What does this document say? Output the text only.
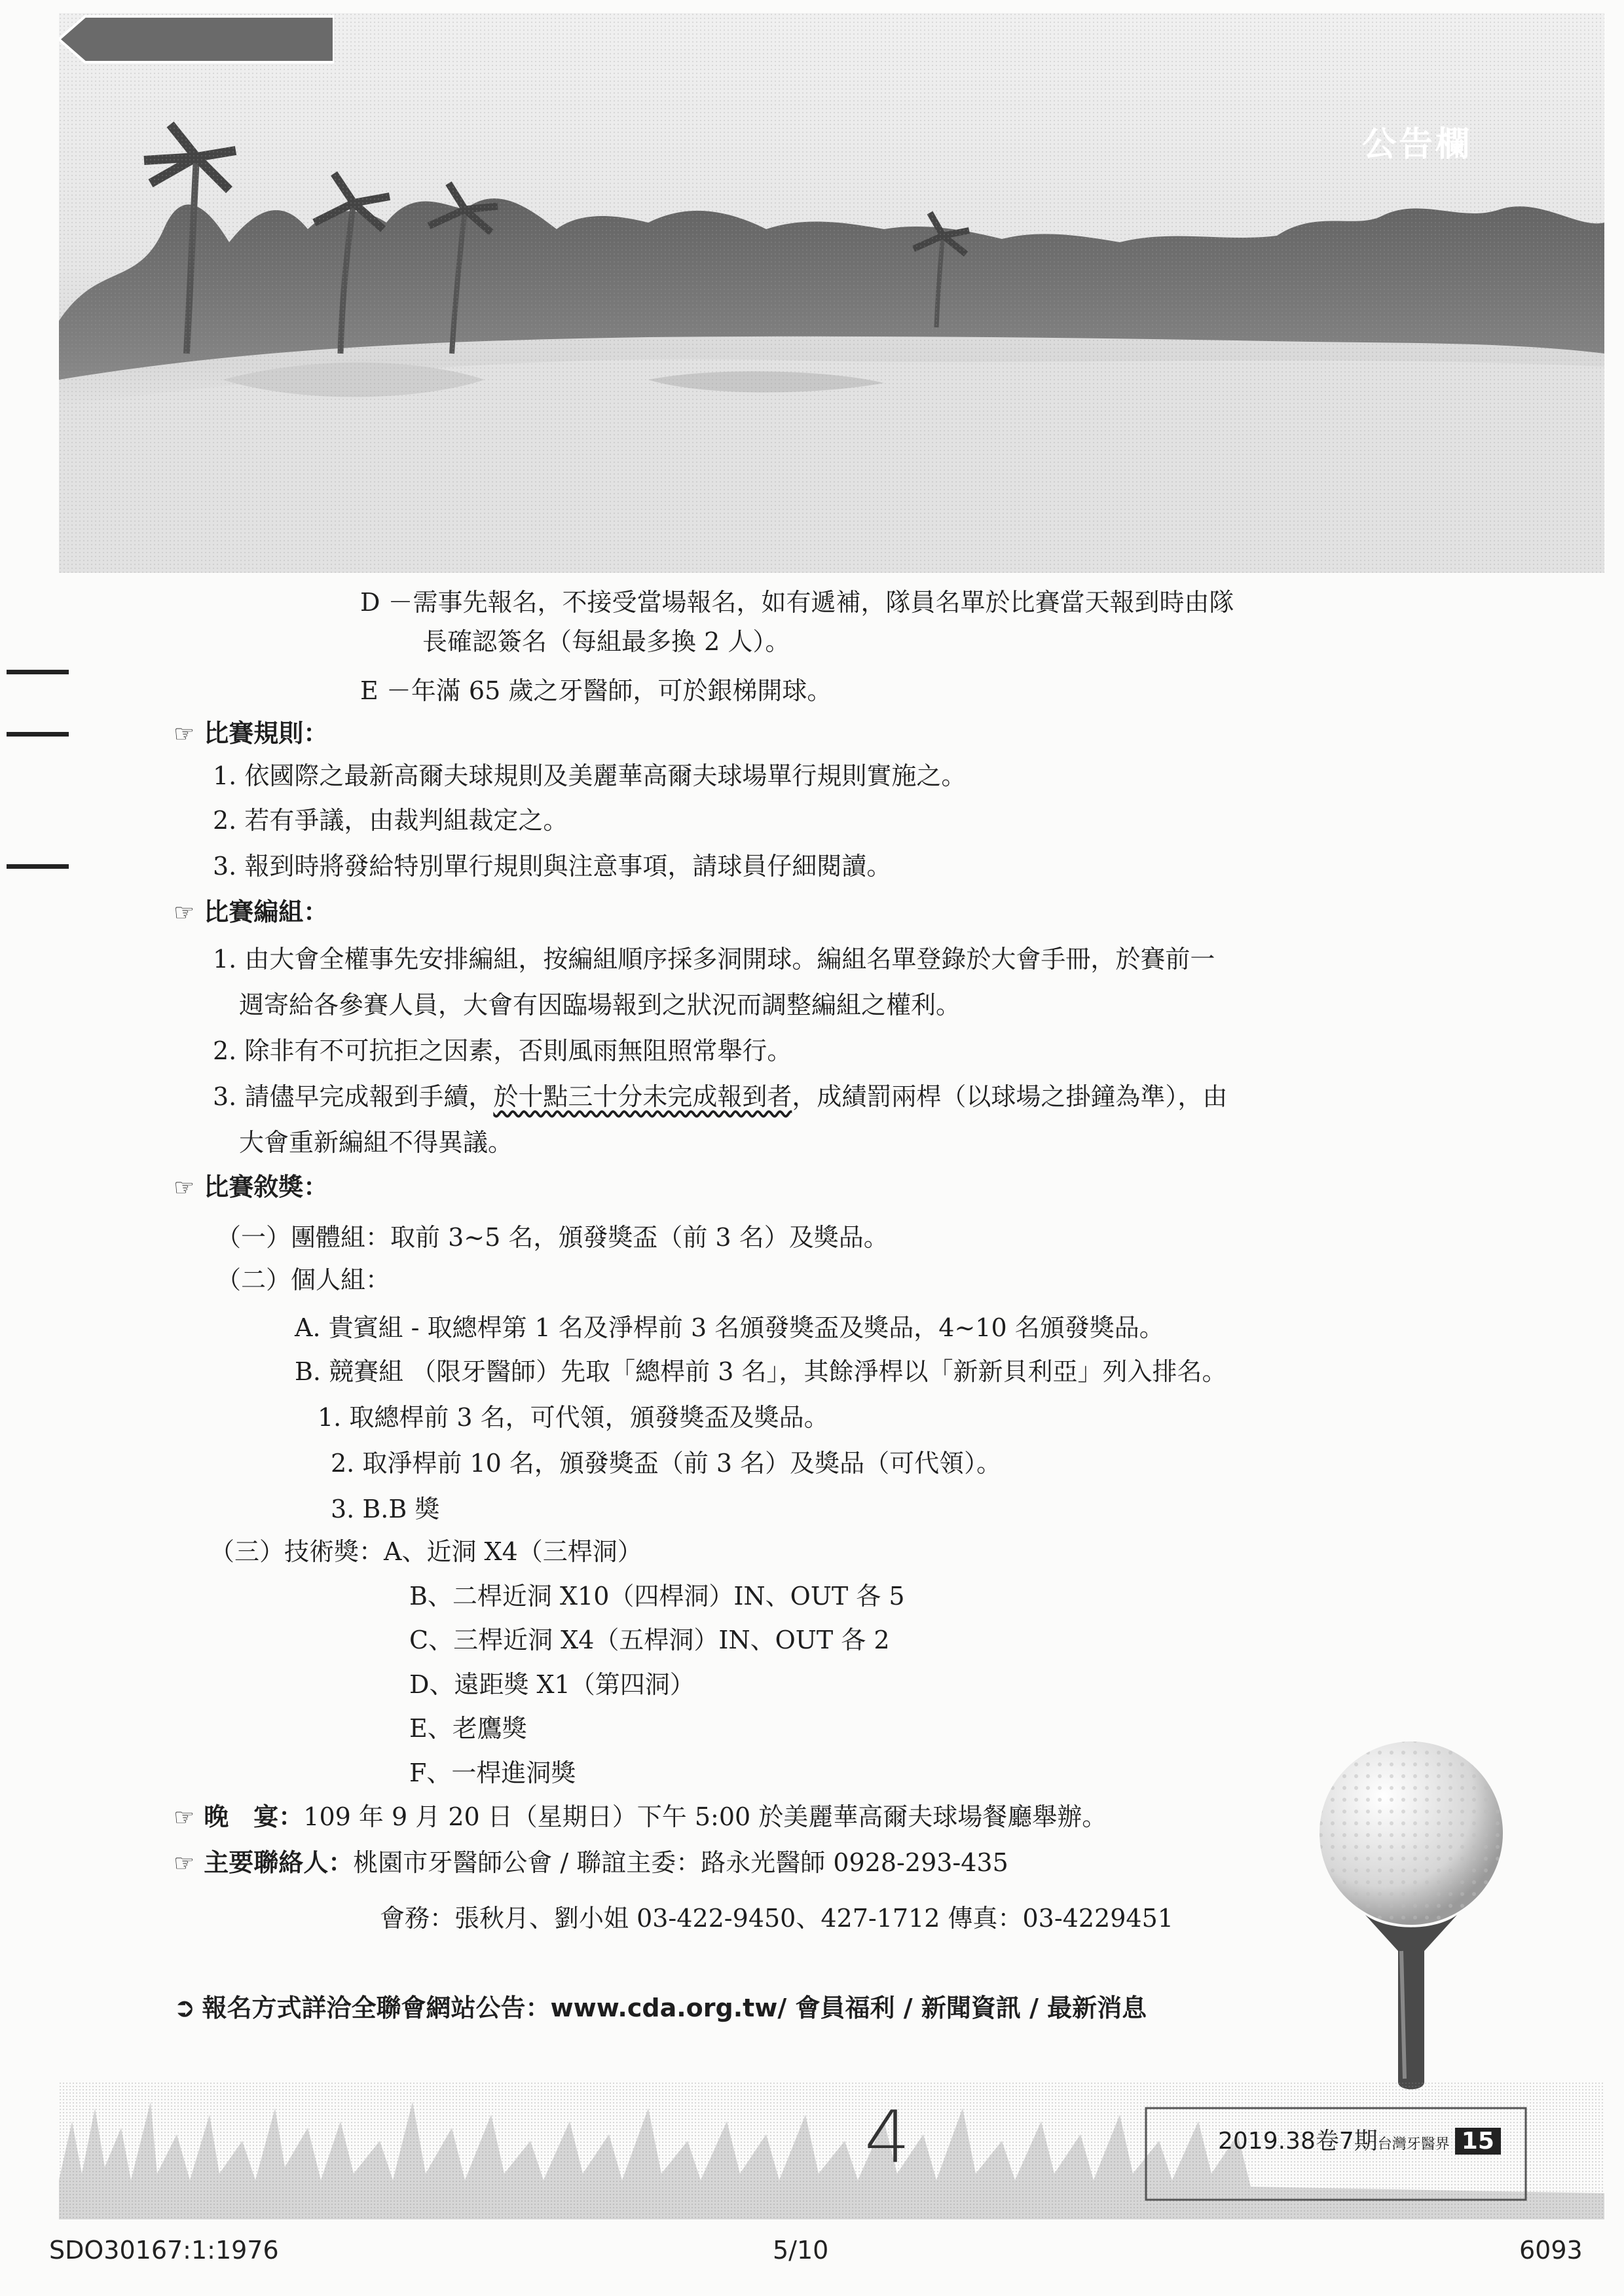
公告欄
D －需事先報名，不接受當場報名，如有遞補，隊員名單於比賽當天報到時由隊
長確認簽名（每組最多換 2 人）。
E －年滿 65 歲之牙醫師，可於銀梯開球。
☞ 比賽規則：
1. 依國際之最新高爾夫球規則及美麗華高爾夫球場單行規則實施之。
2. 若有爭議，由裁判組裁定之。
3. 報到時將發給特別單行規則與注意事項，請球員仔細閱讀。
☞ 比賽編組：
1. 由大會全權事先安排編組，按編組順序採多洞開球。編組名單登錄於大會手冊，於賽前一
週寄給各參賽人員，大會有因臨場報到之狀況而調整編組之權利。
2. 除非有不可抗拒之因素，否則風雨無阻照常舉行。
3. 請儘早完成報到手續，於十點三十分未完成報到者，成績罰兩桿（以球場之掛鐘為準），由
大會重新編組不得異議。
☞ 比賽敘獎：
（一）團體組：取前 3~5 名，頒發獎盃（前 3 名）及獎品。
（二）個人組：
A. 貴賓組 - 取總桿第 1 名及淨桿前 3 名頒發獎盃及獎品，4~10 名頒發獎品。
B. 競賽組 （限牙醫師）先取「總桿前 3 名」，其餘淨桿以「新新貝利亞」列入排名。
1. 取總桿前 3 名，可代領，頒發獎盃及獎品。
2. 取淨桿前 10 名，頒發獎盃（前 3 名）及獎品（可代領）。
3. B.B 獎
（三）技術獎：A、近洞 X4（三桿洞）
B、二桿近洞 X10（四桿洞）IN、OUT 各 5
C、三桿近洞 X4（五桿洞）IN、OUT 各 2
D、遠距獎 X1（第四洞）
E、老鷹獎
F、一桿進洞獎
☞ 晚　宴：109 年 9 月 20 日（星期日）下午 5:00 於美麗華高爾夫球場餐廳舉辦。
☞ 主要聯絡人：桃園市牙醫師公會 / 聯誼主委：路永光醫師 0928-293-435
會務：張秋月、劉小姐 03-422-9450、427-1712 傳真：03-4229451
➲ 報名方式詳洽全聯會網站公告：www.cda.org.tw/ 會員福利 / 新聞資訊 / 最新消息
2019.38卷7期台灣牙醫界 15
4
SDO30167:1:1976	5/10	6093
